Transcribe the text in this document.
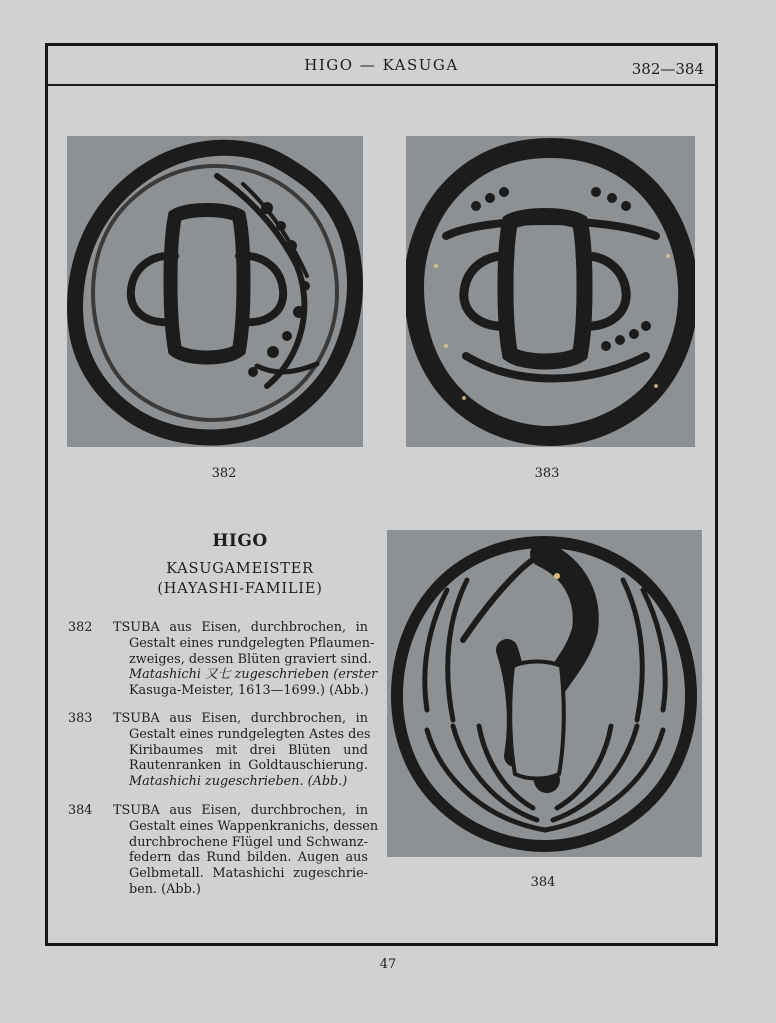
HIGO — KASUGA	382—384
382	383
HIGO
KASUGAMEISTER
(HAYASHI-FAMILIE)
384
382	TSUBA aus Eisen, durchbrochen, in
Gestalt eines rundgelegten Pflaumen-
zweiges, dessen Blüten graviert sind.
Matashichi 又七 zugeschrieben (erster
Kasuga-Meister, 1613—1699.) (Abb.)
383	TSUBA aus Eisen, durchbrochen, in
Gestalt eines rundgelegten Astes des
Kiribaumes mit drei Blüten und
Rautenranken in Goldtauschierung.
Matashichi zugeschrieben. (Abb.)
384	TSUBA aus Eisen, durchbrochen, in
Gestalt eines Wappenkranichs, dessen
durchbrochene Flügel und Schwanz-
federn das Rund bilden. Augen aus
Gelbmetall. Matashichi zugeschrie-
ben. (Abb.)
47
